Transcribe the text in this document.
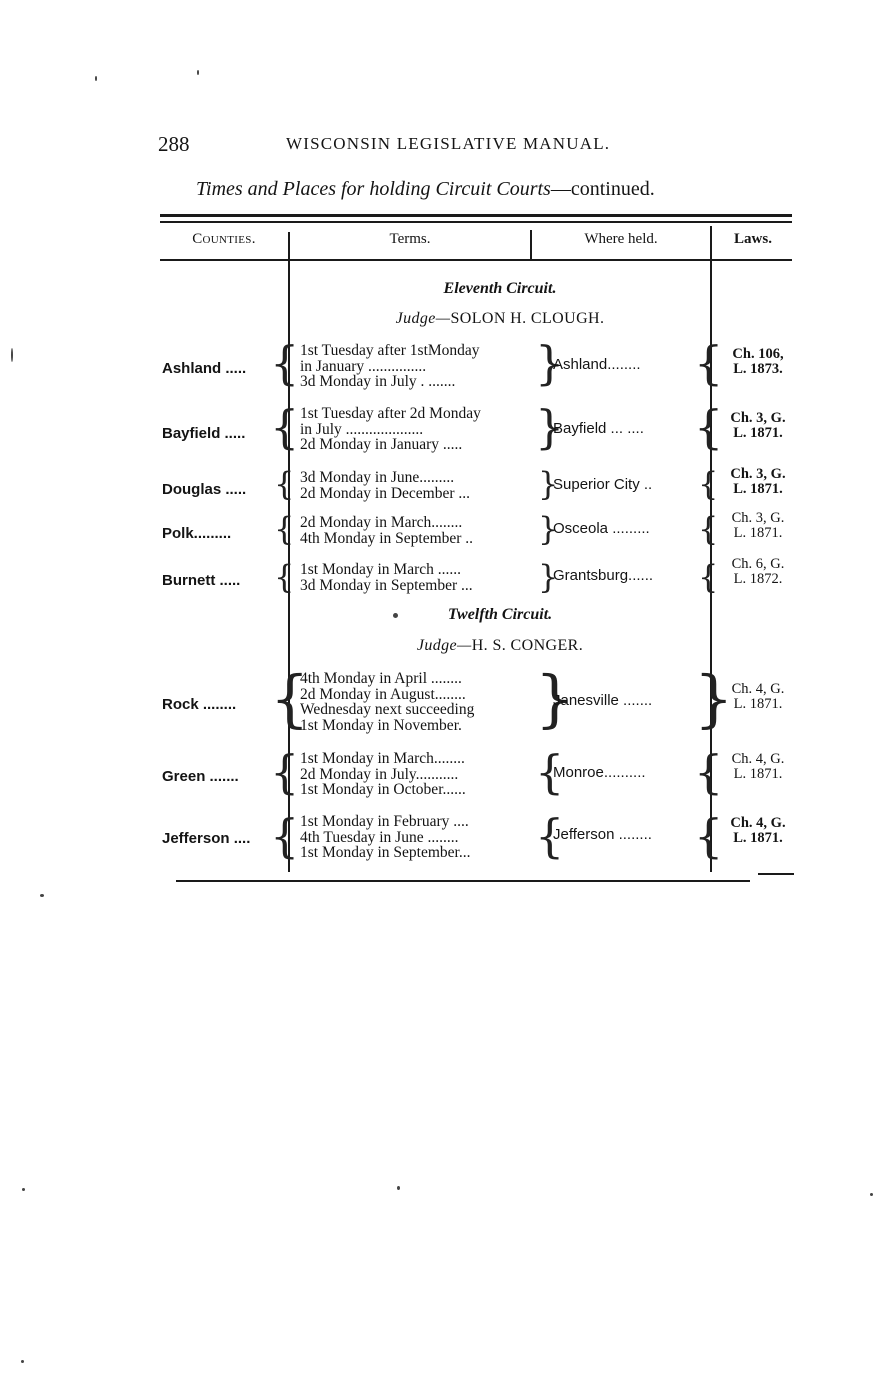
288	WISCONSIN LEGISLATIVE MANUAL.
Times and Places for holding Circuit Courts—continued.
Counties.	Terms.	Where held.	Laws.
Eleventh Circuit.
Judge—SOLON H. CLOUGH.
Ashland ..... { 1st Tuesday after 1stMonday
in January ...............
3d Monday in July . .......	}
Ashland........ { Ch. 106,
L. 1873.
Bayfield ..... { 1st Tuesday after 2d Monday
in July ....................
2d Monday in January .....	}
Bayfield ... .... { Ch. 3, G.
L. 1871.
Douglas ..... { 3d Monday in June.........
2d Monday in December ... }
Superior City .. { Ch. 3, G.
L. 1871.
Polk......... { 2d Monday in March........
4th Monday in September .. }
Osceola ......... { Ch. 3, G.
L. 1871.
Burnett ..... { 1st Monday in March ......
3d Monday in September ... }
Grantsburg...... { Ch. 6, G.
L. 1872.
Twelfth Circuit.
Judge—H. S. CONGER.
Rock ........ {
4th Monday in April ........
2d Monday in August........
Wednesday next succeeding
1st Monday in November. }
Janesville ....... }
Ch. 4, G.
L. 1871.
Green ....... { 1st Monday in March........
2d Monday in July...........
1st Monday in October...... {
Monroe.......... { Ch. 4, G.
L. 1871.
Jefferson .... { 1st Monday in February ....
4th Tuesday in June ........
1st Monday in September... {
Jefferson ........ { Ch. 4, G.
L. 1871.
